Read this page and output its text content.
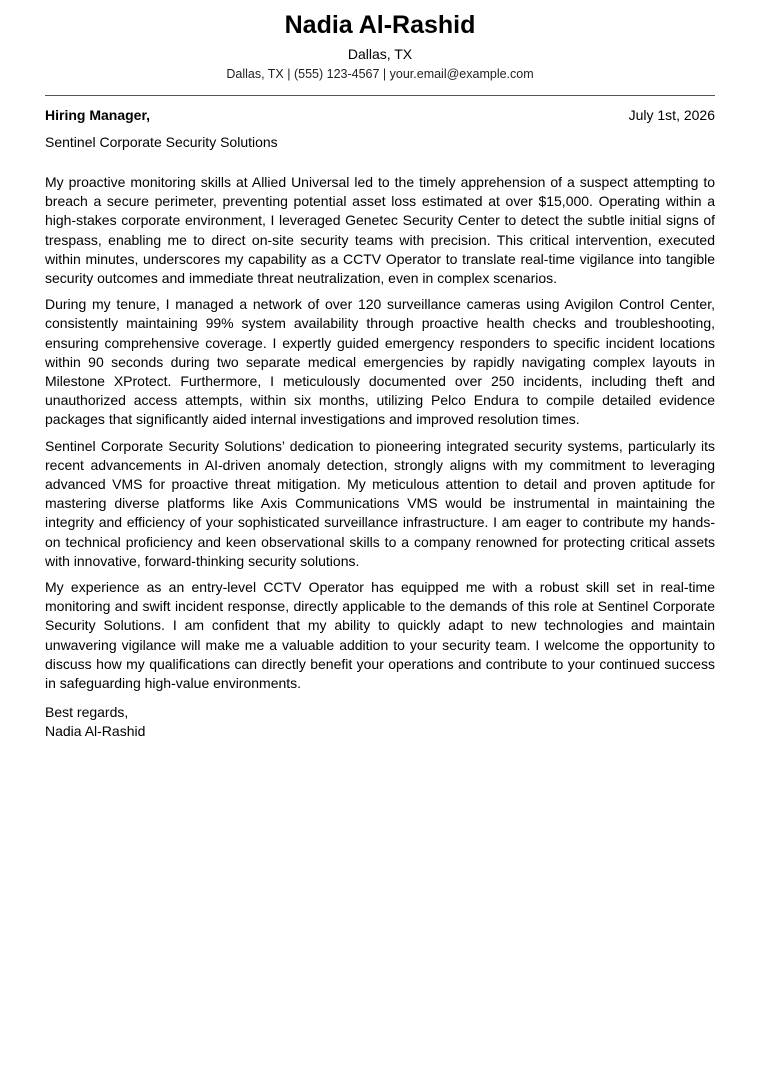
Nadia Al-Rashid
Dallas, TX
Dallas, TX | (555) 123-4567 | your.email@example.com
Hiring Manager,	July 1st, 2026
Sentinel Corporate Security Solutions

My proactive monitoring skills at Allied Universal led to the timely apprehension of a suspect attempting to breach a secure perimeter, preventing potential asset loss estimated at over $15,000. Operating within a high-stakes corporate environment, I leveraged Genetec Security Center to detect the subtle initial signs of trespass, enabling me to direct on-site security teams with precision. This critical intervention, executed within minutes, underscores my capability as a CCTV Operator to translate real-time vigilance into tangible security outcomes and immediate threat neutralization, even in complex scenarios.

During my tenure, I managed a network of over 120 surveillance cameras using Avigilon Control Center, consistently maintaining 99% system availability through proactive health checks and troubleshooting, ensuring comprehensive coverage. I expertly guided emergency responders to specific incident locations within 90 seconds during two separate medical emergencies by rapidly navigating complex layouts in Milestone XProtect. Furthermore, I meticulously documented over 250 incidents, including theft and unauthorized access attempts, within six months, utilizing Pelco Endura to compile detailed evidence packages that significantly aided internal investigations and improved resolution times.

Sentinel Corporate Security Solutions’ dedication to pioneering integrated security systems, particularly its recent advancements in AI-driven anomaly detection, strongly aligns with my commitment to leveraging advanced VMS for proactive threat mitigation. My meticulous attention to detail and proven aptitude for mastering diverse platforms like Axis Communications VMS would be instrumental in maintaining the integrity and efficiency of your sophisticated surveillance infrastructure. I am eager to contribute my hands-on technical proficiency and keen observational skills to a company renowned for protecting critical assets with innovative, forward-thinking security solutions.

My experience as an entry-level CCTV Operator has equipped me with a robust skill set in real-time monitoring and swift incident response, directly applicable to the demands of this role at Sentinel Corporate Security Solutions. I am confident that my ability to quickly adapt to new technologies and maintain unwavering vigilance will make me a valuable addition to your security team. I welcome the opportunity to discuss how my qualifications can directly benefit your operations and contribute to your continued success in safeguarding high-value environments.

Best regards,
Nadia Al-Rashid
